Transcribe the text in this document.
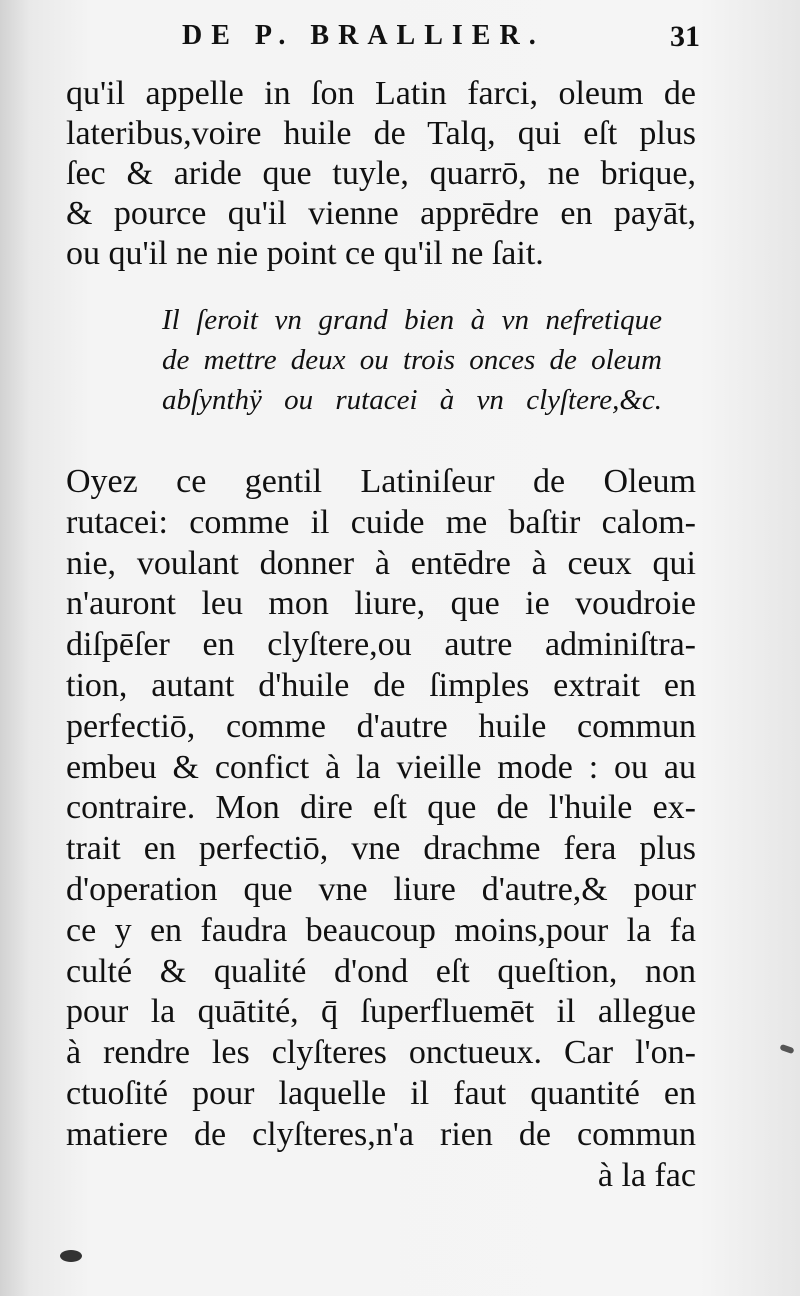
DE P. BRALLIER.	31
qu'il appelle in ſon Latin farci, oleum de
lateribus,voire huile de Talq, qui eſt plus
ſec & aride que tuyle, quarrō, ne brique,
& pource qu'il vienne apprēdre en payāt,
ou qu'il ne nie point ce qu'il ne ſait.
Il ſeroit vn grand bien à vn nefretique
de mettre deux ou trois onces de oleum
abſynthÿ ou rutacei à vn clyſtere,&c.
Oyez ce gentil Latiniſeur de Oleum
rutacei: comme il cuide me baſtir calom-
nie, voulant donner à entēdre à ceux qui
n'auront leu mon liure, que ie voudroie
diſpēſer en clyſtere,ou autre adminiſtra-
tion, autant d'huile de ſimples extrait en
perfectiō, comme d'autre huile commun
embeu & confict à la vieille mode : ou au
contraire. Mon dire eſt que de l'huile ex-
trait en perfectiō, vne drachme fera plus
d'operation que vne liure d'autre,& pour
ce y en faudra beaucoup moins,pour la fa
culté & qualité d'ond eſt queſtion, non
pour la quātité, q̄ ſuperfluemēt il allegue
à rendre les clyſteres onctueux. Car l'on-
ctuoſité pour laquelle il faut quantité en
matiere de clyſteres,n'a rien de commun
à la fac
